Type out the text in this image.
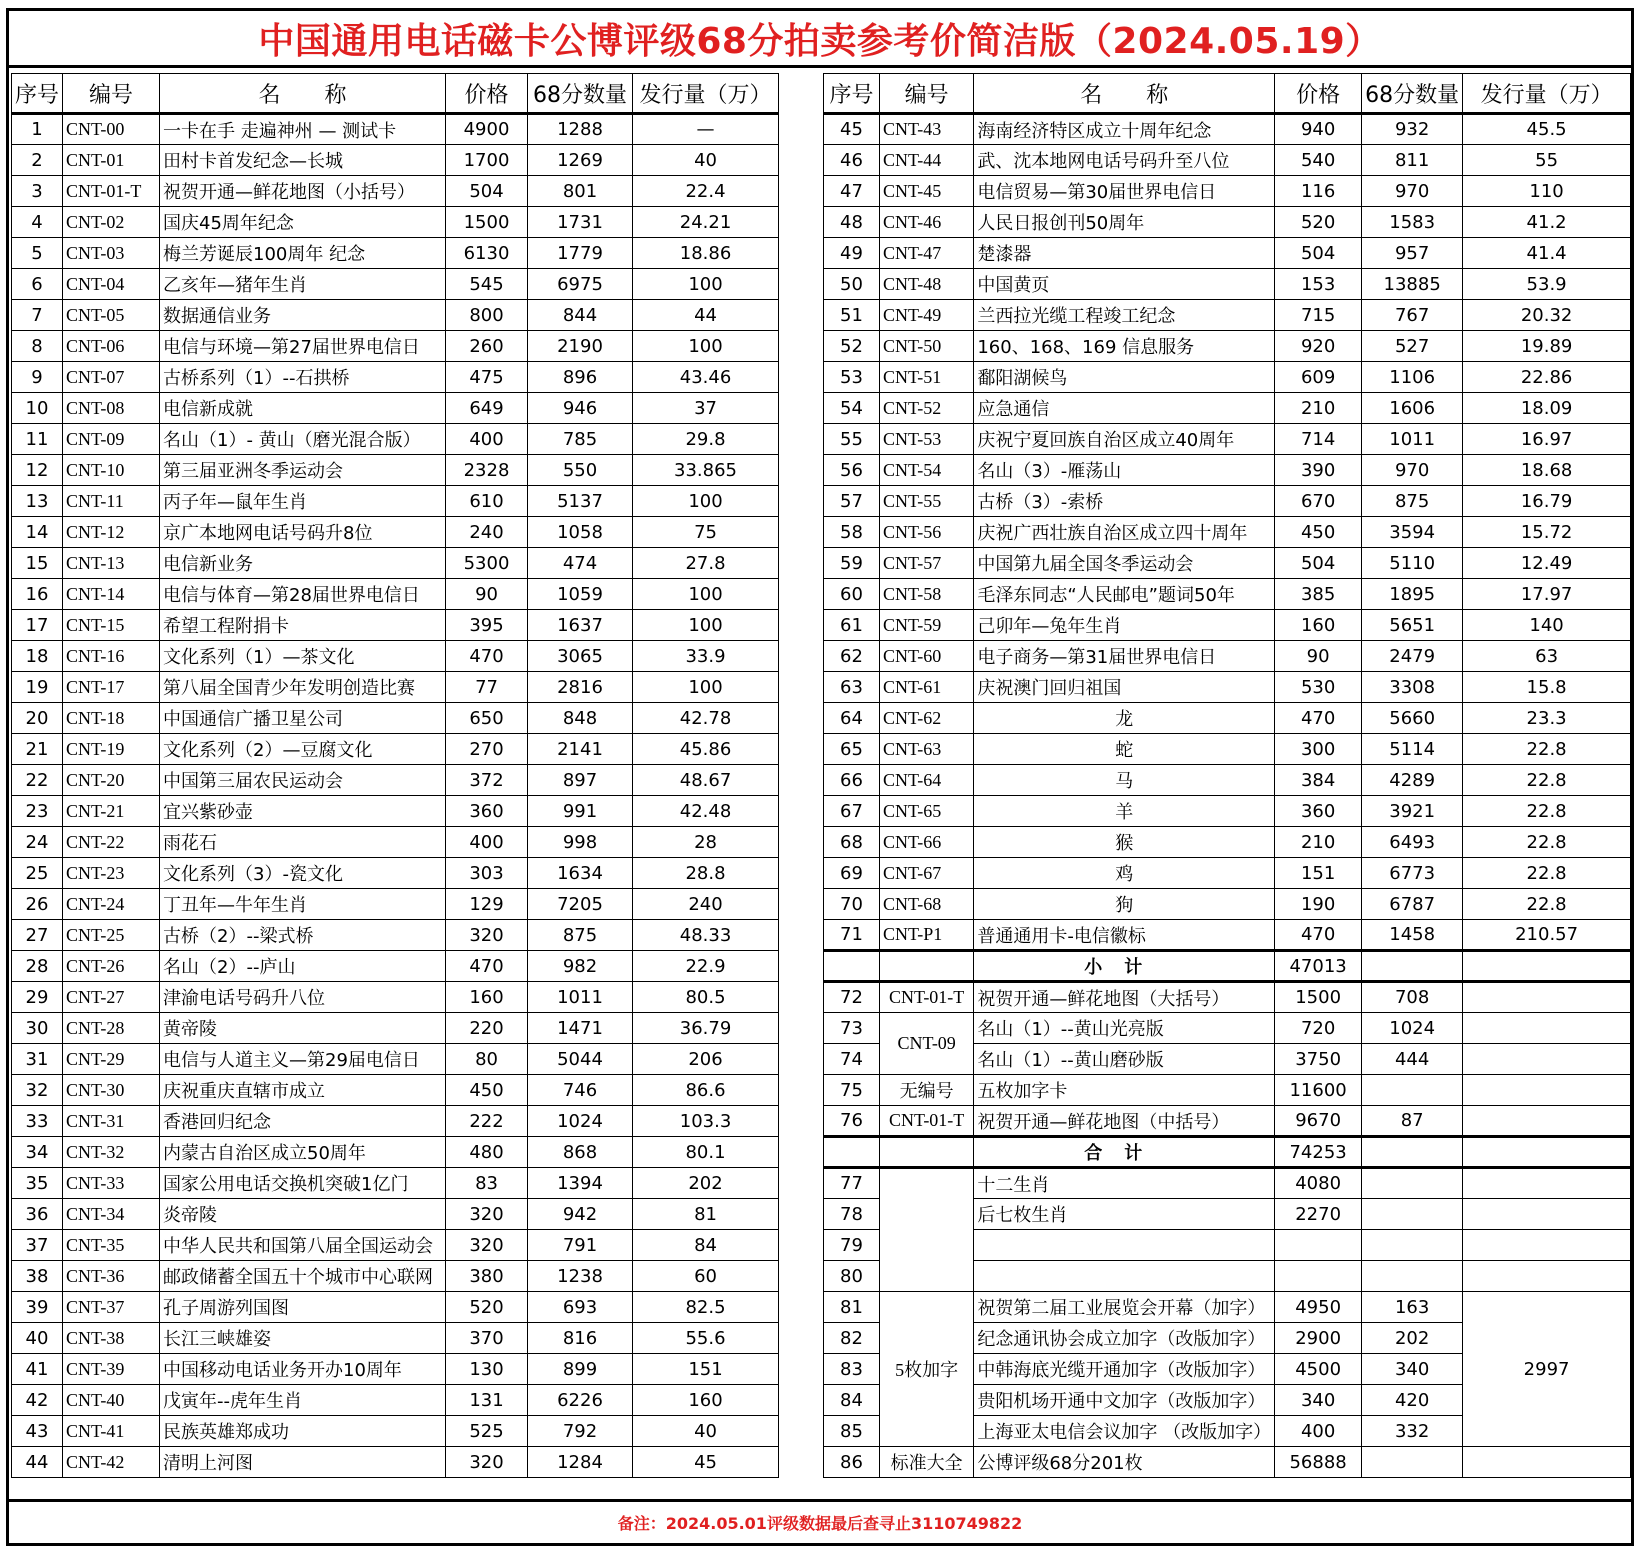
中国通用电话磁卡公博评级68分拍卖参考价简洁版（2024.05.19）
序号	编号	名　　称	价格	68分数量	发行量（万）
1	CNT-00	一卡在手 走遍神州 — 测试卡	4900	1288	—
2	CNT-01	田村卡首发纪念—长城	1700	1269	40
3	CNT-01-T	祝贺开通—鲜花地图（小括号）	504	801	22.4
4	CNT-02	国庆45周年纪念	1500	1731	24.21
5	CNT-03	梅兰芳诞辰100周年 纪念	6130	1779	18.86
6	CNT-04	乙亥年—猪年生肖	545	6975	100
7	CNT-05	数据通信业务	800	844	44
8	CNT-06	电信与环境—第27届世界电信日	260	2190	100
9	CNT-07	古桥系列（1）--石拱桥	475	896	43.46
10	CNT-08	电信新成就	649	946	37
11	CNT-09	名山（1）- 黄山（磨光混合版）	400	785	29.8
12	CNT-10	第三届亚洲冬季运动会	2328	550	33.865
13	CNT-11	丙子年—鼠年生肖	610	5137	100
14	CNT-12	京广本地网电话号码升8位	240	1058	75
15	CNT-13	电信新业务	5300	474	27.8
16	CNT-14	电信与体育—第28届世界电信日	90	1059	100
17	CNT-15	希望工程附捐卡	395	1637	100
18	CNT-16	文化系列（1）—茶文化	470	3065	33.9
19	CNT-17	第八届全国青少年发明创造比赛	77	2816	100
20	CNT-18	中国通信广播卫星公司	650	848	42.78
21	CNT-19	文化系列（2）—豆腐文化	270	2141	45.86
22	CNT-20	中国第三届农民运动会	372	897	48.67
23	CNT-21	宜兴紫砂壶	360	991	42.48
24	CNT-22	雨花石	400	998	28
25	CNT-23	文化系列（3）-瓷文化	303	1634	28.8
26	CNT-24	丁丑年—牛年生肖	129	7205	240
27	CNT-25	古桥（2）--梁式桥	320	875	48.33
28	CNT-26	名山（2）--庐山	470	982	22.9
29	CNT-27	津渝电话号码升八位	160	1011	80.5
30	CNT-28	黄帝陵	220	1471	36.79
31	CNT-29	电信与人道主义—第29届电信日	80	5044	206
32	CNT-30	庆祝重庆直辖市成立	450	746	86.6
33	CNT-31	香港回归纪念	222	1024	103.3
34	CNT-32	内蒙古自治区成立50周年	480	868	80.1
35	CNT-33	国家公用电话交换机突破1亿门	83	1394	202
36	CNT-34	炎帝陵	320	942	81
37	CNT-35	中华人民共和国第八届全国运动会	320	791	84
38	CNT-36	邮政储蓄全国五十个城市中心联网	380	1238	60
39	CNT-37	孔子周游列国图	520	693	82.5
40	CNT-38	长江三峡雄姿	370	816	55.6
41	CNT-39	中国移动电话业务开办10周年	130	899	151
42	CNT-40	戊寅年--虎年生肖	131	6226	160
43	CNT-41	民族英雄郑成功	525	792	40
44	CNT-42	清明上河图	320	1284	45
序号	编号	名　　称	价格	68分数量	发行量（万）
45	CNT-43	海南经济特区成立十周年纪念	940	932	45.5
46	CNT-44	武、沈本地网电话号码升至八位	540	811	55
47	CNT-45	电信贸易—第30届世界电信日	116	970	110
48	CNT-46	人民日报创刊50周年	520	1583	41.2
49	CNT-47	楚漆器	504	957	41.4
50	CNT-48	中国黄页	153	13885	53.9
51	CNT-49	兰西拉光缆工程竣工纪念	715	767	20.32
52	CNT-50	160、168、169 信息服务	920	527	19.89
53	CNT-51	鄱阳湖候鸟	609	1106	22.86
54	CNT-52	应急通信	210	1606	18.09
55	CNT-53	庆祝宁夏回族自治区成立40周年	714	1011	16.97
56	CNT-54	名山（3）-雁荡山	390	970	18.68
57	CNT-55	古桥（3）-索桥	670	875	16.79
58	CNT-56	庆祝广西壮族自治区成立四十周年	450	3594	15.72
59	CNT-57	中国第九届全国冬季运动会	504	5110	12.49
60	CNT-58	毛泽东同志“人民邮电”题词50年	385	1895	17.97
61	CNT-59	己卯年—兔年生肖	160	5651	140
62	CNT-60	电子商务—第31届世界电信日	90	2479	63
63	CNT-61	庆祝澳门回归祖国	530	3308	15.8
64	CNT-62	龙	470	5660	23.3
65	CNT-63	蛇	300	5114	22.8
66	CNT-64	马	384	4289	22.8
67	CNT-65	羊	360	3921	22.8
68	CNT-66	猴	210	6493	22.8
69	CNT-67	鸡	151	6773	22.8
70	CNT-68	狗	190	6787	22.8
71	CNT-P1	普通通用卡-电信徽标	470	1458	210.57
		小计	47013		
72	CNT-01-T	祝贺开通—鲜花地图（大括号）	1500	708	
73	CNT-09	名山（1）--黄山光亮版	720	1024	
74		名山（1）--黄山磨砂版	3750	444	
75	无编号	五枚加字卡	11600		
76	CNT-01-T	祝贺开通—鲜花地图（中括号）	9670	87	
		合计	74253		
77		十二生肖	4080		
78		后七枚生肖	2270		
79					
80					
81	5枚加字	祝贺第二届工业展览会开幕（加字）	4950	163	2997
82		纪念通讯协会成立加字（改版加字）	2900	202	
83		中韩海底光缆开通加字（改版加字）	4500	340	
84		贵阳机场开通中文加字（改版加字）	340	420	
85		上海亚太电信会议加字 （改版加字）	400	332	
86	标准大全	公博评级68分201枚	56888		
备注：2024.05.01评级数据最后查寻止3110749822
